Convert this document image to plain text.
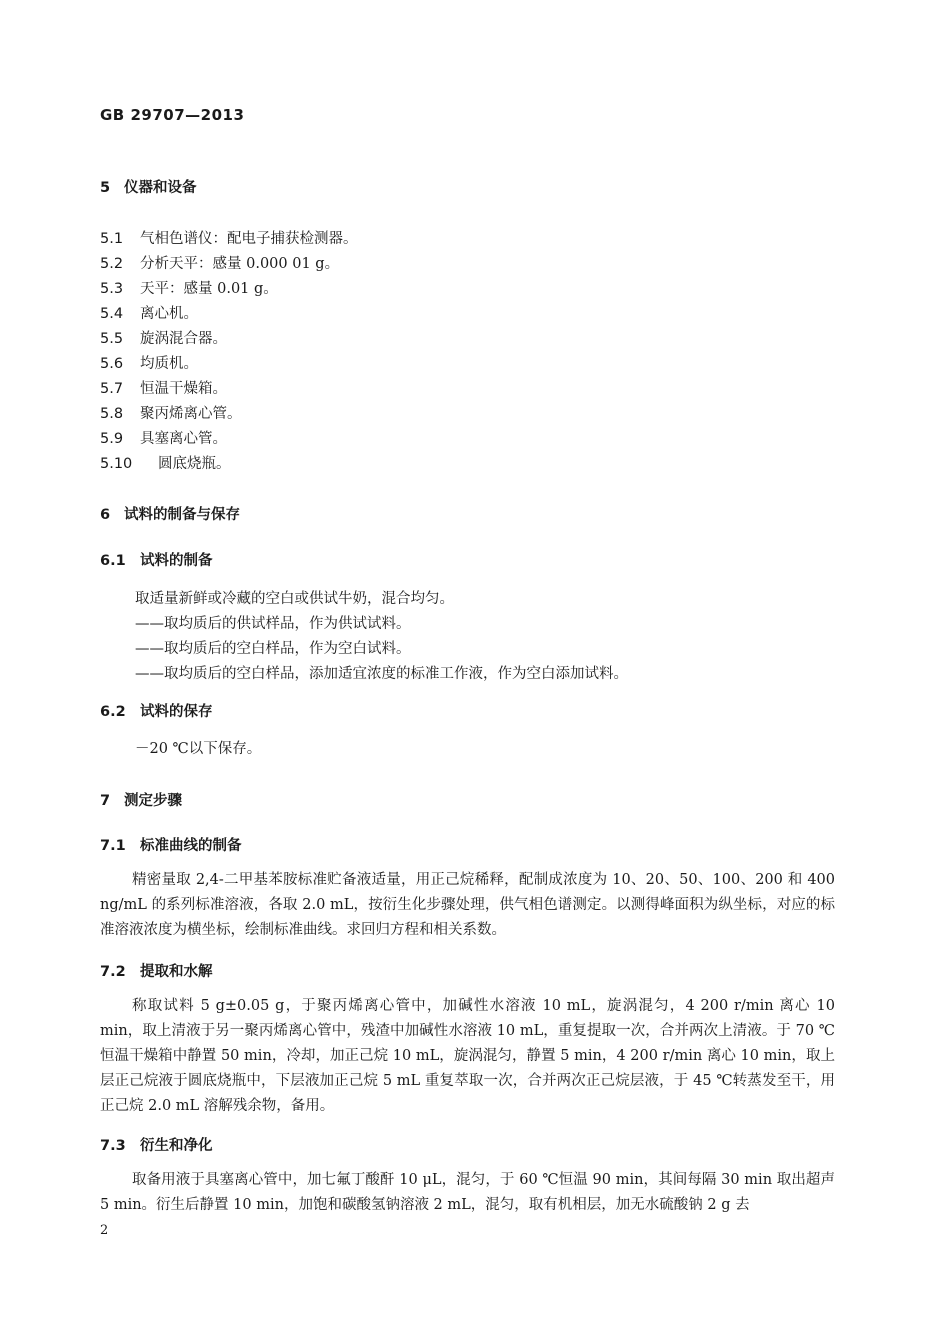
GB 29707—2013
5 仪器和设备
5.1 气相色谱仪：配电子捕获检测器。
5.2 分析天平：感量 0.000 01 g。
5.3 天平：感量 0.01 g。
5.4 离心机。
5.5 旋涡混合器。
5.6 均质机。
5.7 恒温干燥箱。
5.8 聚丙烯离心管。
5.9 具塞离心管。
5.10 圆底烧瓶。
6 试料的制备与保存
6.1 试料的制备
取适量新鲜或冷藏的空白或供试牛奶，混合均匀。
——取均质后的供试样品，作为供试试料。
——取均质后的空白样品，作为空白试料。
——取均质后的空白样品，添加适宜浓度的标准工作液，作为空白添加试料。
6.2 试料的保存
－20 ℃以下保存。
7 测定步骤
7.1 标准曲线的制备
精密量取 2,4-二甲基苯胺标准贮备液适量，用正己烷稀释，配制成浓度为 10、20、50、100、200 和 400 ng/mL 的系列标准溶液，各取 2.0 mL，按衍生化步骤处理，供气相色谱测定。以测得峰面积为纵坐标，对应的标准溶液浓度为横坐标，绘制标准曲线。求回归方程和相关系数。
7.2 提取和水解
称取试料 5 g±0.05 g，于聚丙烯离心管中，加碱性水溶液 10 mL，旋涡混匀，4 200 r/min 离心 10 min，取上清液于另一聚丙烯离心管中，残渣中加碱性水溶液 10 mL，重复提取一次，合并两次上清液。于 70 ℃恒温干燥箱中静置 50 min，冷却，加正己烷 10 mL，旋涡混匀，静置 5 min，4 200 r/min 离心 10 min，取上层正己烷液于圆底烧瓶中，下层液加正己烷 5 mL 重复萃取一次，合并两次正己烷层液，于 45 ℃转蒸发至干，用正己烷 2.0 mL 溶解残余物，备用。
7.3 衍生和净化
取备用液于具塞离心管中，加七氟丁酸酐 10 μL，混匀，于 60 ℃恒温 90 min，其间每隔 30 min 取出超声 5 min。衍生后静置 10 min，加饱和碳酸氢钠溶液 2 mL，混匀，取有机相层，加无水硫酸钠 2 g 去
2
